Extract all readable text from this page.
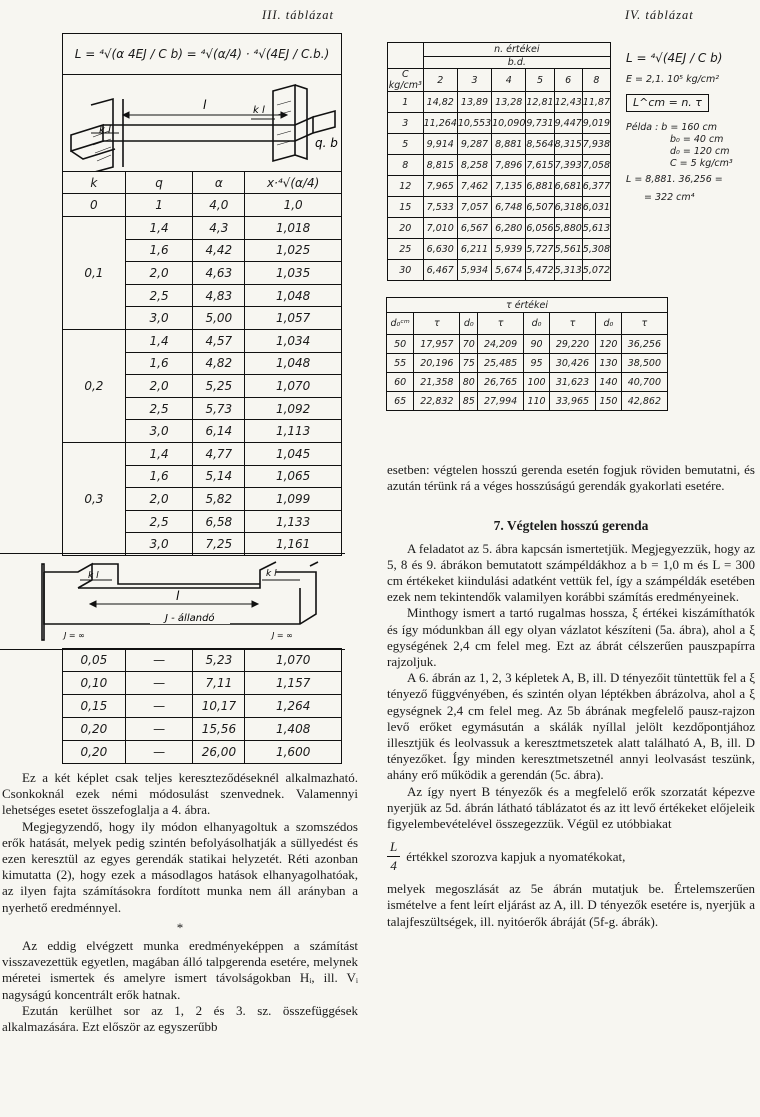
III. táblázat	IV. táblázat
L = ⁴√(α 4EJ / C b) = ⁴√(α/4) · ⁴√(4EJ / C.b.)
k l
l	k l
q. b
k	q	α	x·⁴√(α/4)
0	1	4,0	1,0
0,1	1,4	4,3	1,018
	1,6	4,42	1,025
	2,0	4,63	1,035
	2,5	4,83	1,048
	3,0	5,00	1,057
0,2	1,4	4,57	1,034
	1,6	4,82	1,048
	2,0	5,25	1,070
	2,5	5,73	1,092
	3,0	6,14	1,113
0,3	1,4	4,77	1,045
	1,6	5,14	1,065
	2,0	5,82	1,099
	2,5	6,58	1,133
	3,0	7,25	1,161
k l
l
k l
J - állandó
J = ∞	J = ∞
0,05	—	5,23	1,070
0,10	—	7,11	1,157
0,15	—	10,17	1,264
0,20	—	15,56	1,408
0,20	—	26,00	1,600
	n. értékei					
	b.d.					
C kg/cm³	2	3	4	5	6	8
1	14,82	13,89	13,28	12,81	12,43	11,87
3	11,264	10,553	10,090	9,731	9,447	9,019
5	9,914	9,287	8,881	8,564	8,315	7,938
8	8,815	8,258	7,896	7,615	7,393	7,058
12	7,965	7,462	7,135	6,881	6,681	6,377
15	7,533	7,057	6,748	6,507	6,318	6,031
20	7,010	6,567	6,280	6,056	5,880	5,613
25	6,630	6,211	5,939	5,727	5,561	5,308
30	6,467	5,934	5,674	5,472	5,313	5,072
L = ⁴√(4EJ / C b)
E = 2,1. 10⁵ kg/cm²
L^cm = n. τ
Példa : b = 160 cm
b₀ = 40 cm
d₀ = 120 cm
C = 5 kg/cm³
L = 8,881. 36,256 =
= 322 cm⁴
τ értékei							
d₀ᶜᵐ	τ	d₀	τ	d₀	τ	d₀	τ
50	17,957	70	24,209	90	29,220	120	36,256
55	20,196	75	25,485	95	30,426	130	38,500
60	21,358	80	26,765	100	31,623	140	40,700
65	22,832	85	27,994	110	33,965	150	42,862

Ez a két képlet csak teljes kereszteződéseknél alkalmazható. Csonkoknál ezek némi módosulást szenvednek. Valamennyi lehetséges esetet összefoglalja a 4. ábra.

Megjegyzendő, hogy ily módon elhanyagoltuk a szomszédos erők hatását, melyek pedig szintén befolyásolhatják a süllyedést és ezen keresztül az egyes gerendák statikai helyzetét. Réti azonban kimutatta (2), hogy ezek a másodlagos hatások elhanyagolhatóak, az ilyen fajta számításokra fordított munka nem áll arányban a nyerhető eredménnyel.

*

Az eddig elvégzett munka eredményeképpen a számítást visszavezettük egyetlen, magában álló talpgerenda esetére, melynek méretei ismertek és amelyre ismert távolságokban Hᵢ, ill. Vᵢ nagyságú koncentrált erők hatnak.

Ezután kerülhet sor az 1, 2 és 3. sz. összefüggések alkalmazására. Ezt először az egyszerűbb

esetben: végtelen hosszú gerenda esetén fogjuk röviden bemutatni, és azután térünk rá a véges hosszúságú gerendák gyakorlati esetére.

7. Végtelen hosszú gerenda

A feladatot az 5. ábra kapcsán ismertetjük. Megjegyezzük, hogy az 5, 8 és 9. ábrákon bemutatott számpéldákhoz a b = 1,0 m és L = 300 cm értékeket kiindulási adatként vettük fel, így a számpéldák esetében ezek nem tekintendők valamilyen korábbi számítás eredményeinek.

Minthogy ismert a tartó rugalmas hossza, ξ értékei kiszámíthatók és így módunkban áll egy olyan vázlatot készíteni (5a. ábra), ahol a ξ egységének 2,4 cm felel meg. Ezt az ábrát célszerűen pauszpapírra rajzoljuk.

A 6. ábrán az 1, 2, 3 képletek A, B, ill. D tényezőit tüntettük fel a ξ tényező függvényében, és szintén olyan léptékben ábrázolva, ahol a ξ egységnek 2,4 cm felel meg. Az 5b ábrának megfelelő pausz-rajzon levő erőket egymásután a skálák nyíllal jelölt kezdőpontjához illesztjük és leolvassuk a keresztmetszetek alatt található A, B, ill. D tényezőket. Így minden keresztmetszetnél annyi leolvasást teszünk, ahány erő működik a gerendán (5c. ábra).

Az így nyert B tényezők és a megfelelő erők szorzatát képezve nyerjük az 5d. ábrán látható táblázatot és az itt levő értékeket előjeleik figyelembevételével összegezzük. Végül ez utóbbiakat

$\frac{L}{4}$ értékkel szorozva kapjuk a nyomatékokat,

melyek megoszlását az 5e ábrán mutatjuk be. Értelemszerűen ismételve a fent leírt eljárást az A, ill. D tényezők esetére is, nyerjük a talajfeszültségek, ill. nyitóerők ábráját (5f-g. ábrák).
